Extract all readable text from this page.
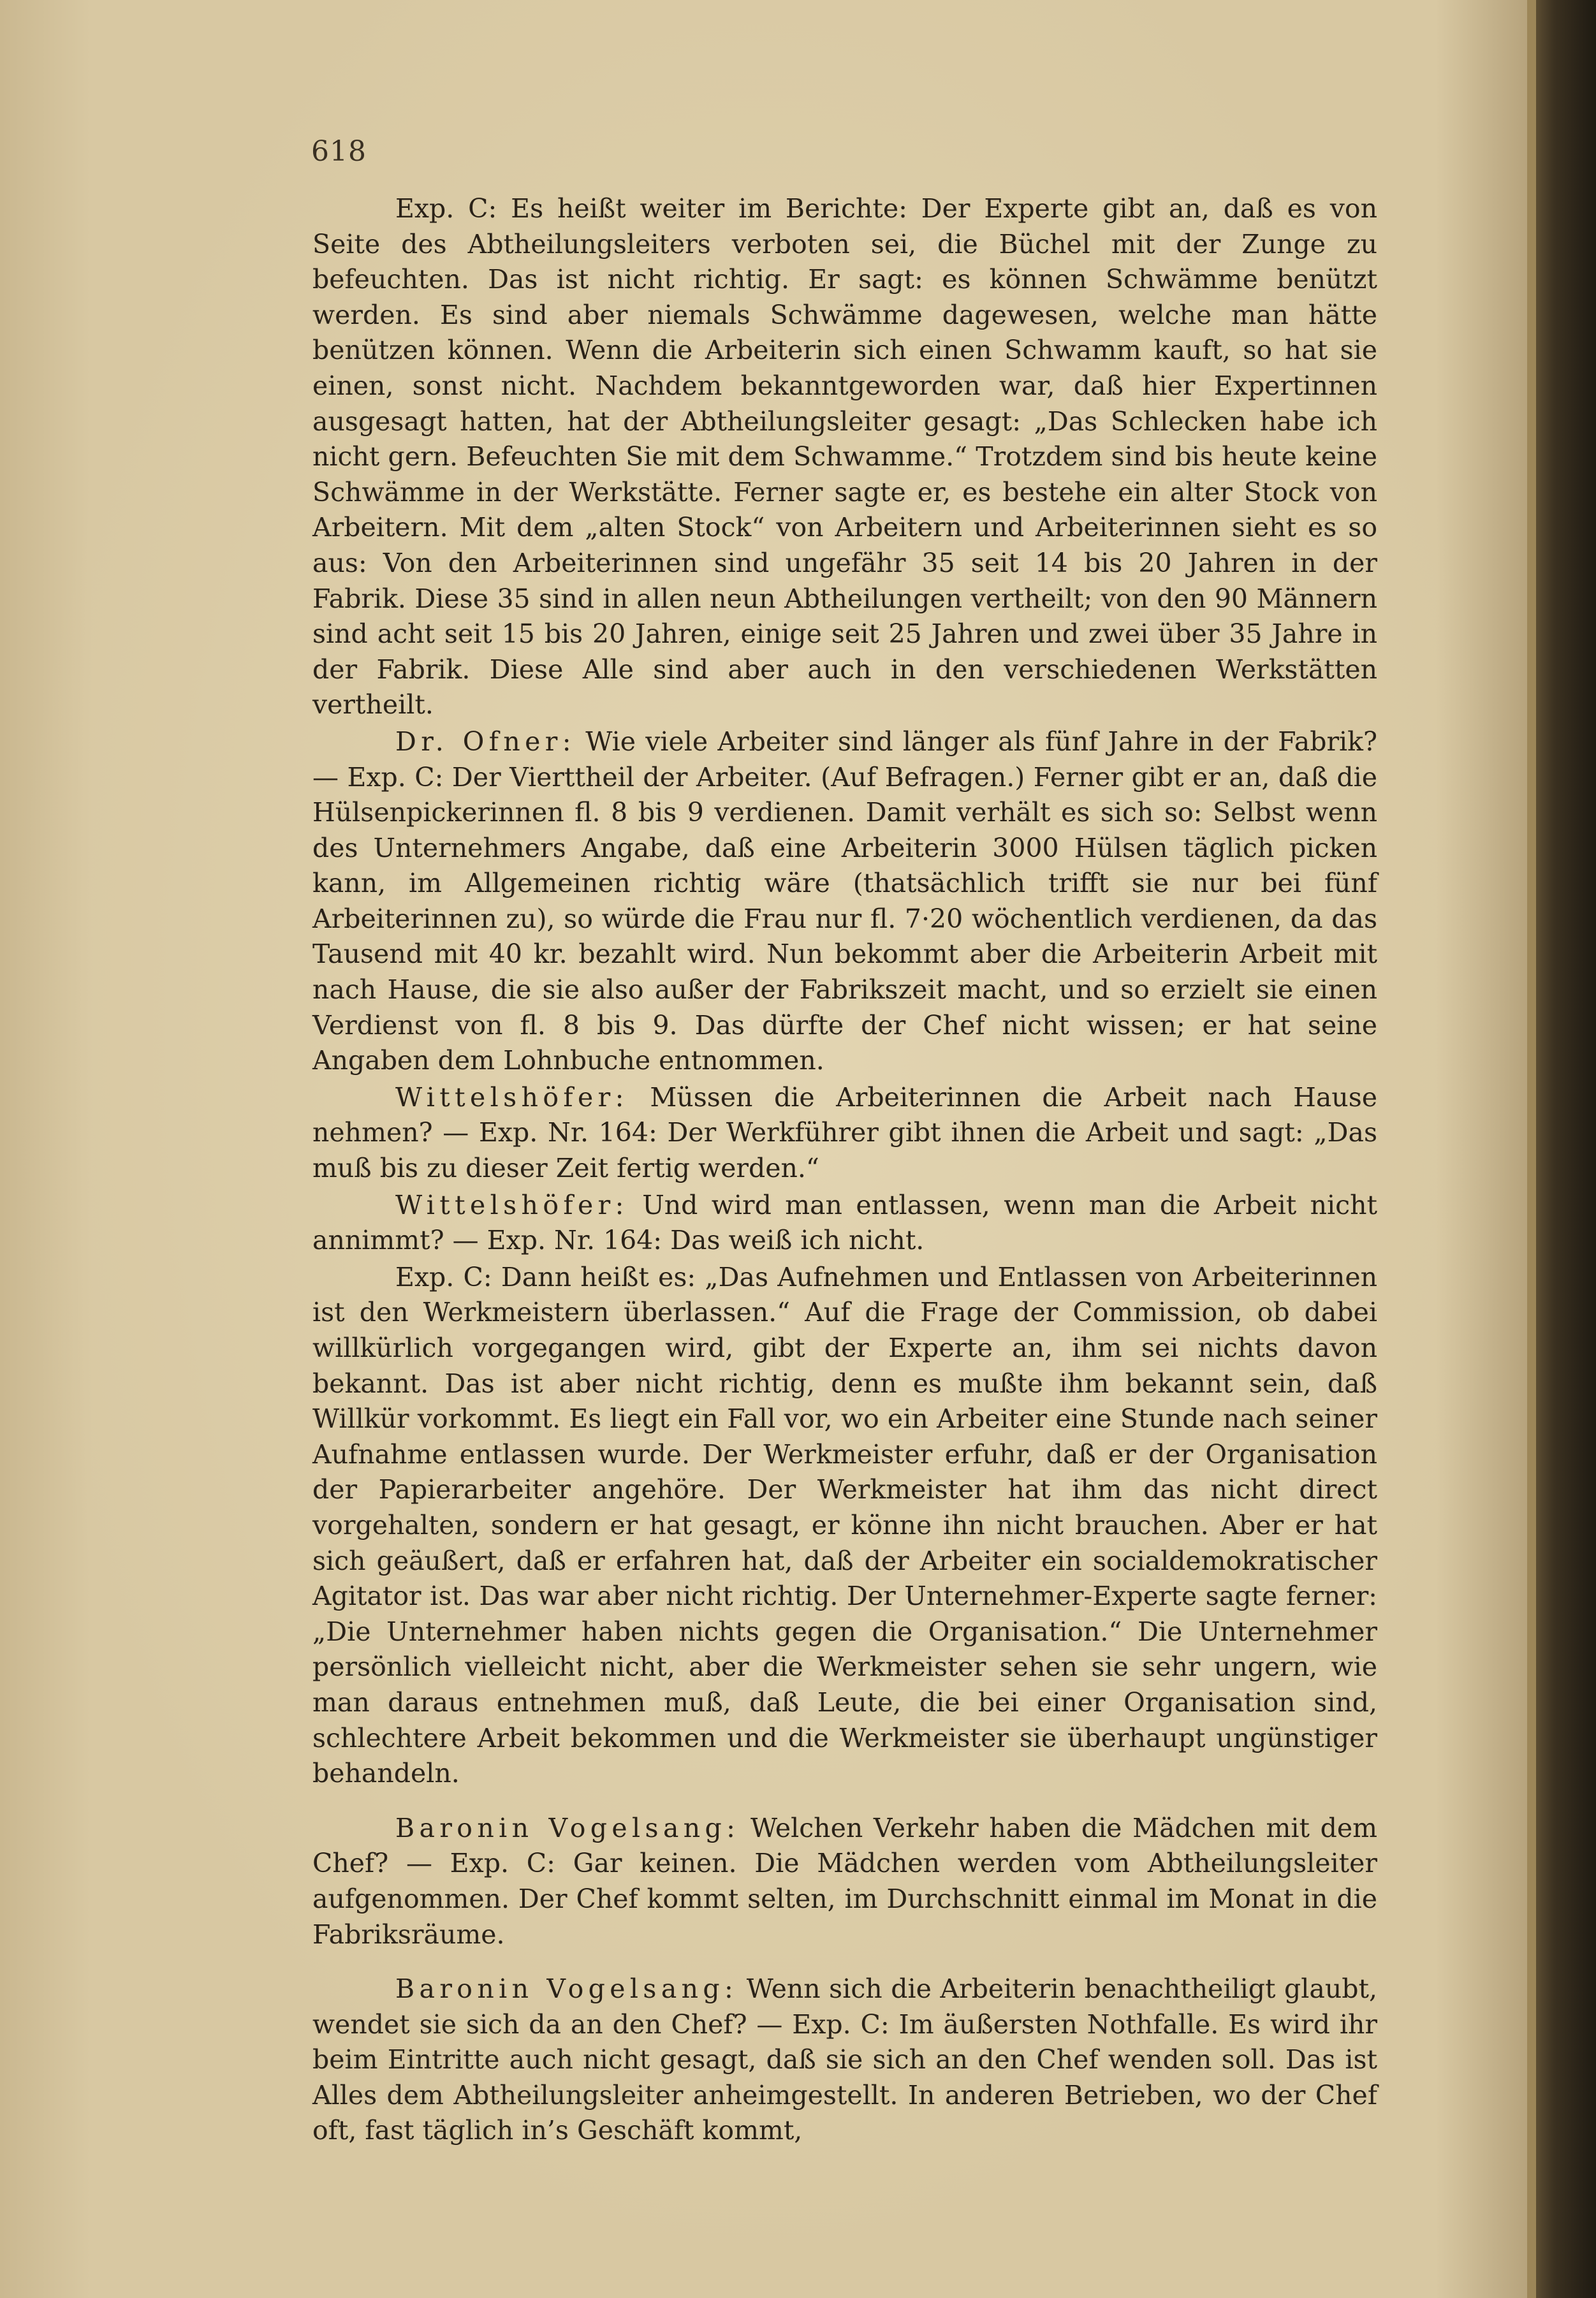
618

Exp. C: Es heißt weiter im Berichte: Der Experte gibt an, daß es von Seite des Abtheilungsleiters verboten sei, die Büchel mit der Zunge zu befeuchten. Das ist nicht richtig. Er sagt: es können Schwämme benützt werden. Es sind aber niemals Schwämme dagewesen, welche man hätte benützen können. Wenn die Arbeiterin sich einen Schwamm kauft, so hat sie einen, sonst nicht. Nachdem bekanntgeworden war, daß hier Expertinnen ausgesagt hatten, hat der Abtheilungsleiter gesagt: „Das Schlecken habe ich nicht gern. Befeuchten Sie mit dem Schwamme.“ Trotzdem sind bis heute keine Schwämme in der Werkstätte. Ferner sagte er, es bestehe ein alter Stock von Arbeitern. Mit dem „alten Stock“ von Arbeitern und Arbeiterinnen sieht es so aus: Von den Arbeiterinnen sind ungefähr 35 seit 14 bis 20 Jahren in der Fabrik. Diese 35 sind in allen neun Abtheilungen vertheilt; von den 90 Männern sind acht seit 15 bis 20 Jahren, einige seit 25 Jahren und zwei über 35 Jahre in der Fabrik. Diese Alle sind aber auch in den verschiedenen Werkstätten vertheilt.

Dr. Ofner: Wie viele Arbeiter sind länger als fünf Jahre in der Fabrik? — Exp. C: Der Vierttheil der Arbeiter. (Auf Befragen.) Ferner gibt er an, daß die Hülsenpickerinnen fl. 8 bis 9 verdienen. Damit verhält es sich so: Selbst wenn des Unternehmers Angabe, daß eine Arbeiterin 3000 Hülsen täglich picken kann, im Allgemeinen richtig wäre (thatsächlich trifft sie nur bei fünf Arbeiterinnen zu), so würde die Frau nur fl. 7·20 wöchentlich verdienen, da das Tausend mit 40 kr. bezahlt wird. Nun bekommt aber die Arbeiterin Arbeit mit nach Hause, die sie also außer der Fabrikszeit macht, und so erzielt sie einen Verdienst von fl. 8 bis 9. Das dürfte der Chef nicht wissen; er hat seine Angaben dem Lohnbuche entnommen.

Wittelshöfer: Müssen die Arbeiterinnen die Arbeit nach Hause nehmen? — Exp. Nr. 164: Der Werkführer gibt ihnen die Arbeit und sagt: „Das muß bis zu dieser Zeit fertig werden.“

Wittelshöfer: Und wird man entlassen, wenn man die Arbeit nicht annimmt? — Exp. Nr. 164: Das weiß ich nicht.

Exp. C: Dann heißt es: „Das Aufnehmen und Entlassen von Arbeiterinnen ist den Werkmeistern überlassen.“ Auf die Frage der Commission, ob dabei willkürlich vorgegangen wird, gibt der Experte an, ihm sei nichts davon bekannt. Das ist aber nicht richtig, denn es mußte ihm bekannt sein, daß Willkür vorkommt. Es liegt ein Fall vor, wo ein Arbeiter eine Stunde nach seiner Aufnahme entlassen wurde. Der Werkmeister erfuhr, daß er der Organisation der Papierarbeiter angehöre. Der Werkmeister hat ihm das nicht direct vorgehalten, sondern er hat gesagt, er könne ihn nicht brauchen. Aber er hat sich geäußert, daß er erfahren hat, daß der Arbeiter ein socialdemokratischer Agitator ist. Das war aber nicht richtig. Der Unternehmer-Experte sagte ferner: „Die Unternehmer haben nichts gegen die Organisation.“ Die Unternehmer persönlich vielleicht nicht, aber die Werkmeister sehen sie sehr ungern, wie man daraus entnehmen muß, daß Leute, die bei einer Organisation sind, schlechtere Arbeit bekommen und die Werkmeister sie überhaupt ungünstiger behandeln.

Baronin Vogelsang: Welchen Verkehr haben die Mädchen mit dem Chef? — Exp. C: Gar keinen. Die Mädchen werden vom Abtheilungsleiter aufgenommen. Der Chef kommt selten, im Durchschnitt einmal im Monat in die Fabriksräume.

Baronin Vogelsang: Wenn sich die Arbeiterin benachtheiligt glaubt, wendet sie sich da an den Chef? — Exp. C: Im äußersten Nothfalle. Es wird ihr beim Eintritte auch nicht gesagt, daß sie sich an den Chef wenden soll. Das ist Alles dem Abtheilungsleiter anheimgestellt. In anderen Betrieben, wo der Chef oft, fast täglich in’s Geschäft kommt,
